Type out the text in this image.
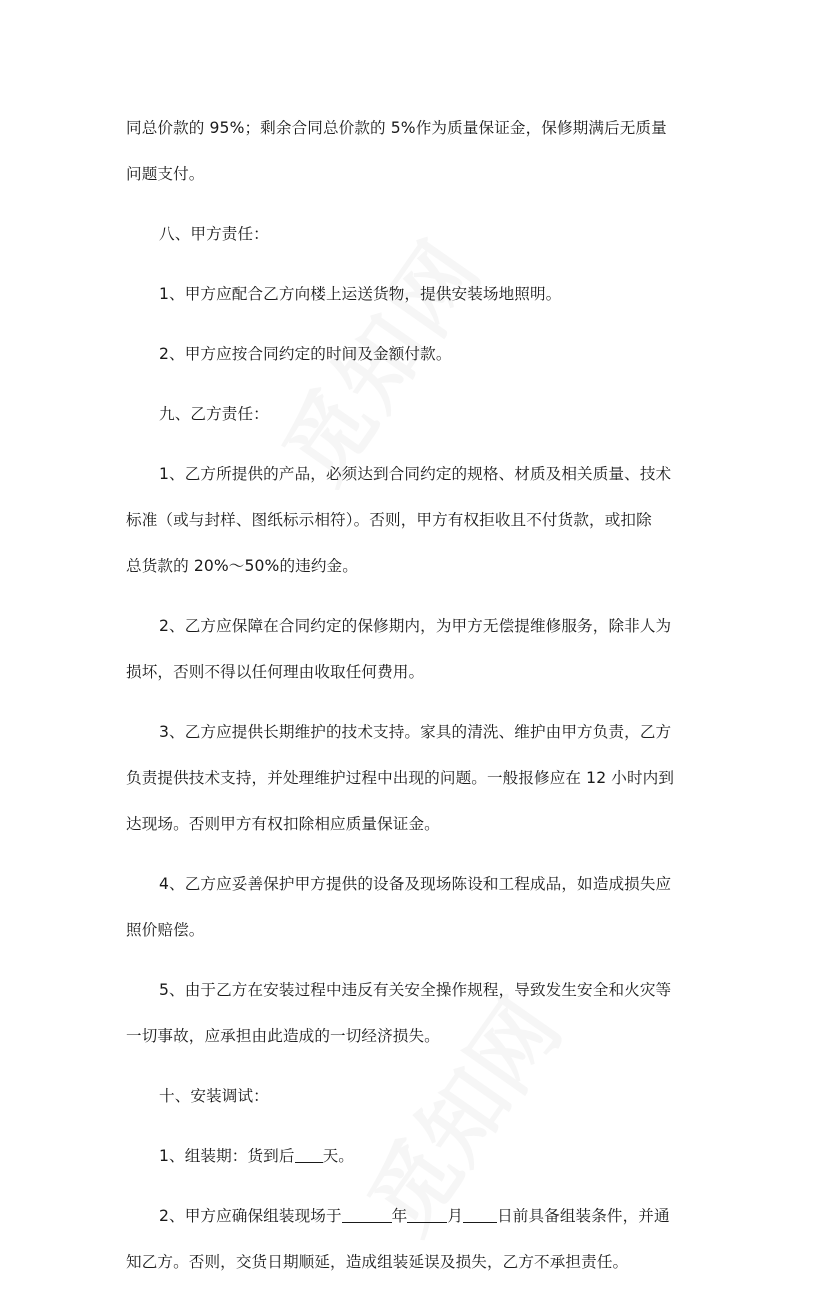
同总价款的 95%；剩余合同总价款的 5%作为质量保证金，保修期满后无质量
问题支付。

八、甲方责任：

1、甲方应配合乙方向楼上运送货物，提供安装场地照明。

2、甲方应按合同约定的时间及金额付款。

九、乙方责任：

1、乙方所提供的产品，必须达到合同约定的规格、材质及相关质量、技术
标准（或与封样、图纸标示相符）。否则，甲方有权拒收且不付货款，或扣除
总货款的 20%～50%的违约金。

2、乙方应保障在合同约定的保修期内，为甲方无偿提维修服务，除非人为
损坏，否则不得以任何理由收取任何费用。

3、乙方应提供长期维护的技术支持。家具的清洗、维护由甲方负责，乙方
负责提供技术支持，并处理维护过程中出现的问题。一般报修应在 12 小时内到
达现场。否则甲方有权扣除相应质量保证金。

4、乙方应妥善保护甲方提供的设备及现场陈设和工程成品，如造成损失应
照价赔偿。

5、由于乙方在安装过程中违反有关安全操作规程，导致发生安全和火灾等
一切事故，应承担由此造成的一切经济损失。

十、安装调试：

1、组装期：货到后 天。

2、甲方应确保组装现场于	年	月 日前具备组装条件，并通
知乙方。否则，交货日期顺延，造成组装延误及损失，乙方不承担责任。
